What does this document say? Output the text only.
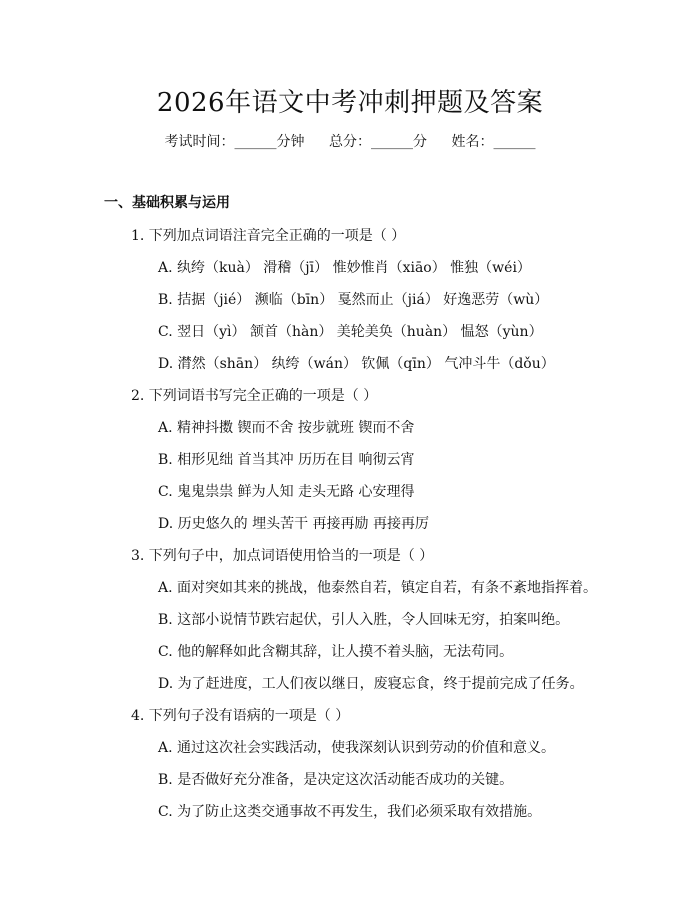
2026年语文中考冲刺押题及答案
考试时间：______分钟 总分：______分 姓名：______
一、基础积累与运用
1. 下列加点词语注音完全正确的一项是（ ）
A. 纨绔（kuà） 滑稽（jī） 惟妙惟肖（xiāo） 惟独（wéi）
B. 拮据（jié） 濒临（bīn） 戛然而止（jiá） 好逸恶劳（wù）
C. 翌日（yì） 颔首（hàn） 美轮美奂（huàn） 愠怒（yùn）
D. 潸然（shān） 纨绔（wán） 钦佩（qīn） 气冲斗牛（dǒu）
2. 下列词语书写完全正确的一项是（ ）
A. 精神抖擞 锲而不舍 按步就班 锲而不舍
B. 相形见绌 首当其冲 历历在目 响彻云宵
C. 鬼鬼祟祟 鲜为人知 走头无路 心安理得
D. 历史悠久的 埋头苦干 再接再励 再接再厉
3. 下列句子中，加点词语使用恰当的一项是（ ）
A. 面对突如其来的挑战，他泰然自若，镇定自若，有条不紊地指挥着。
B. 这部小说情节跌宕起伏，引人入胜，令人回味无穷，拍案叫绝。
C. 他的解释如此含糊其辞，让人摸不着头脑，无法苟同。
D. 为了赶进度，工人们夜以继日，废寝忘食，终于提前完成了任务。
4. 下列句子没有语病的一项是（ ）
A. 通过这次社会实践活动，使我深刻认识到劳动的价值和意义。
B. 是否做好充分准备，是决定这次活动能否成功的关键。
C. 为了防止这类交通事故不再发生，我们必须采取有效措施。
